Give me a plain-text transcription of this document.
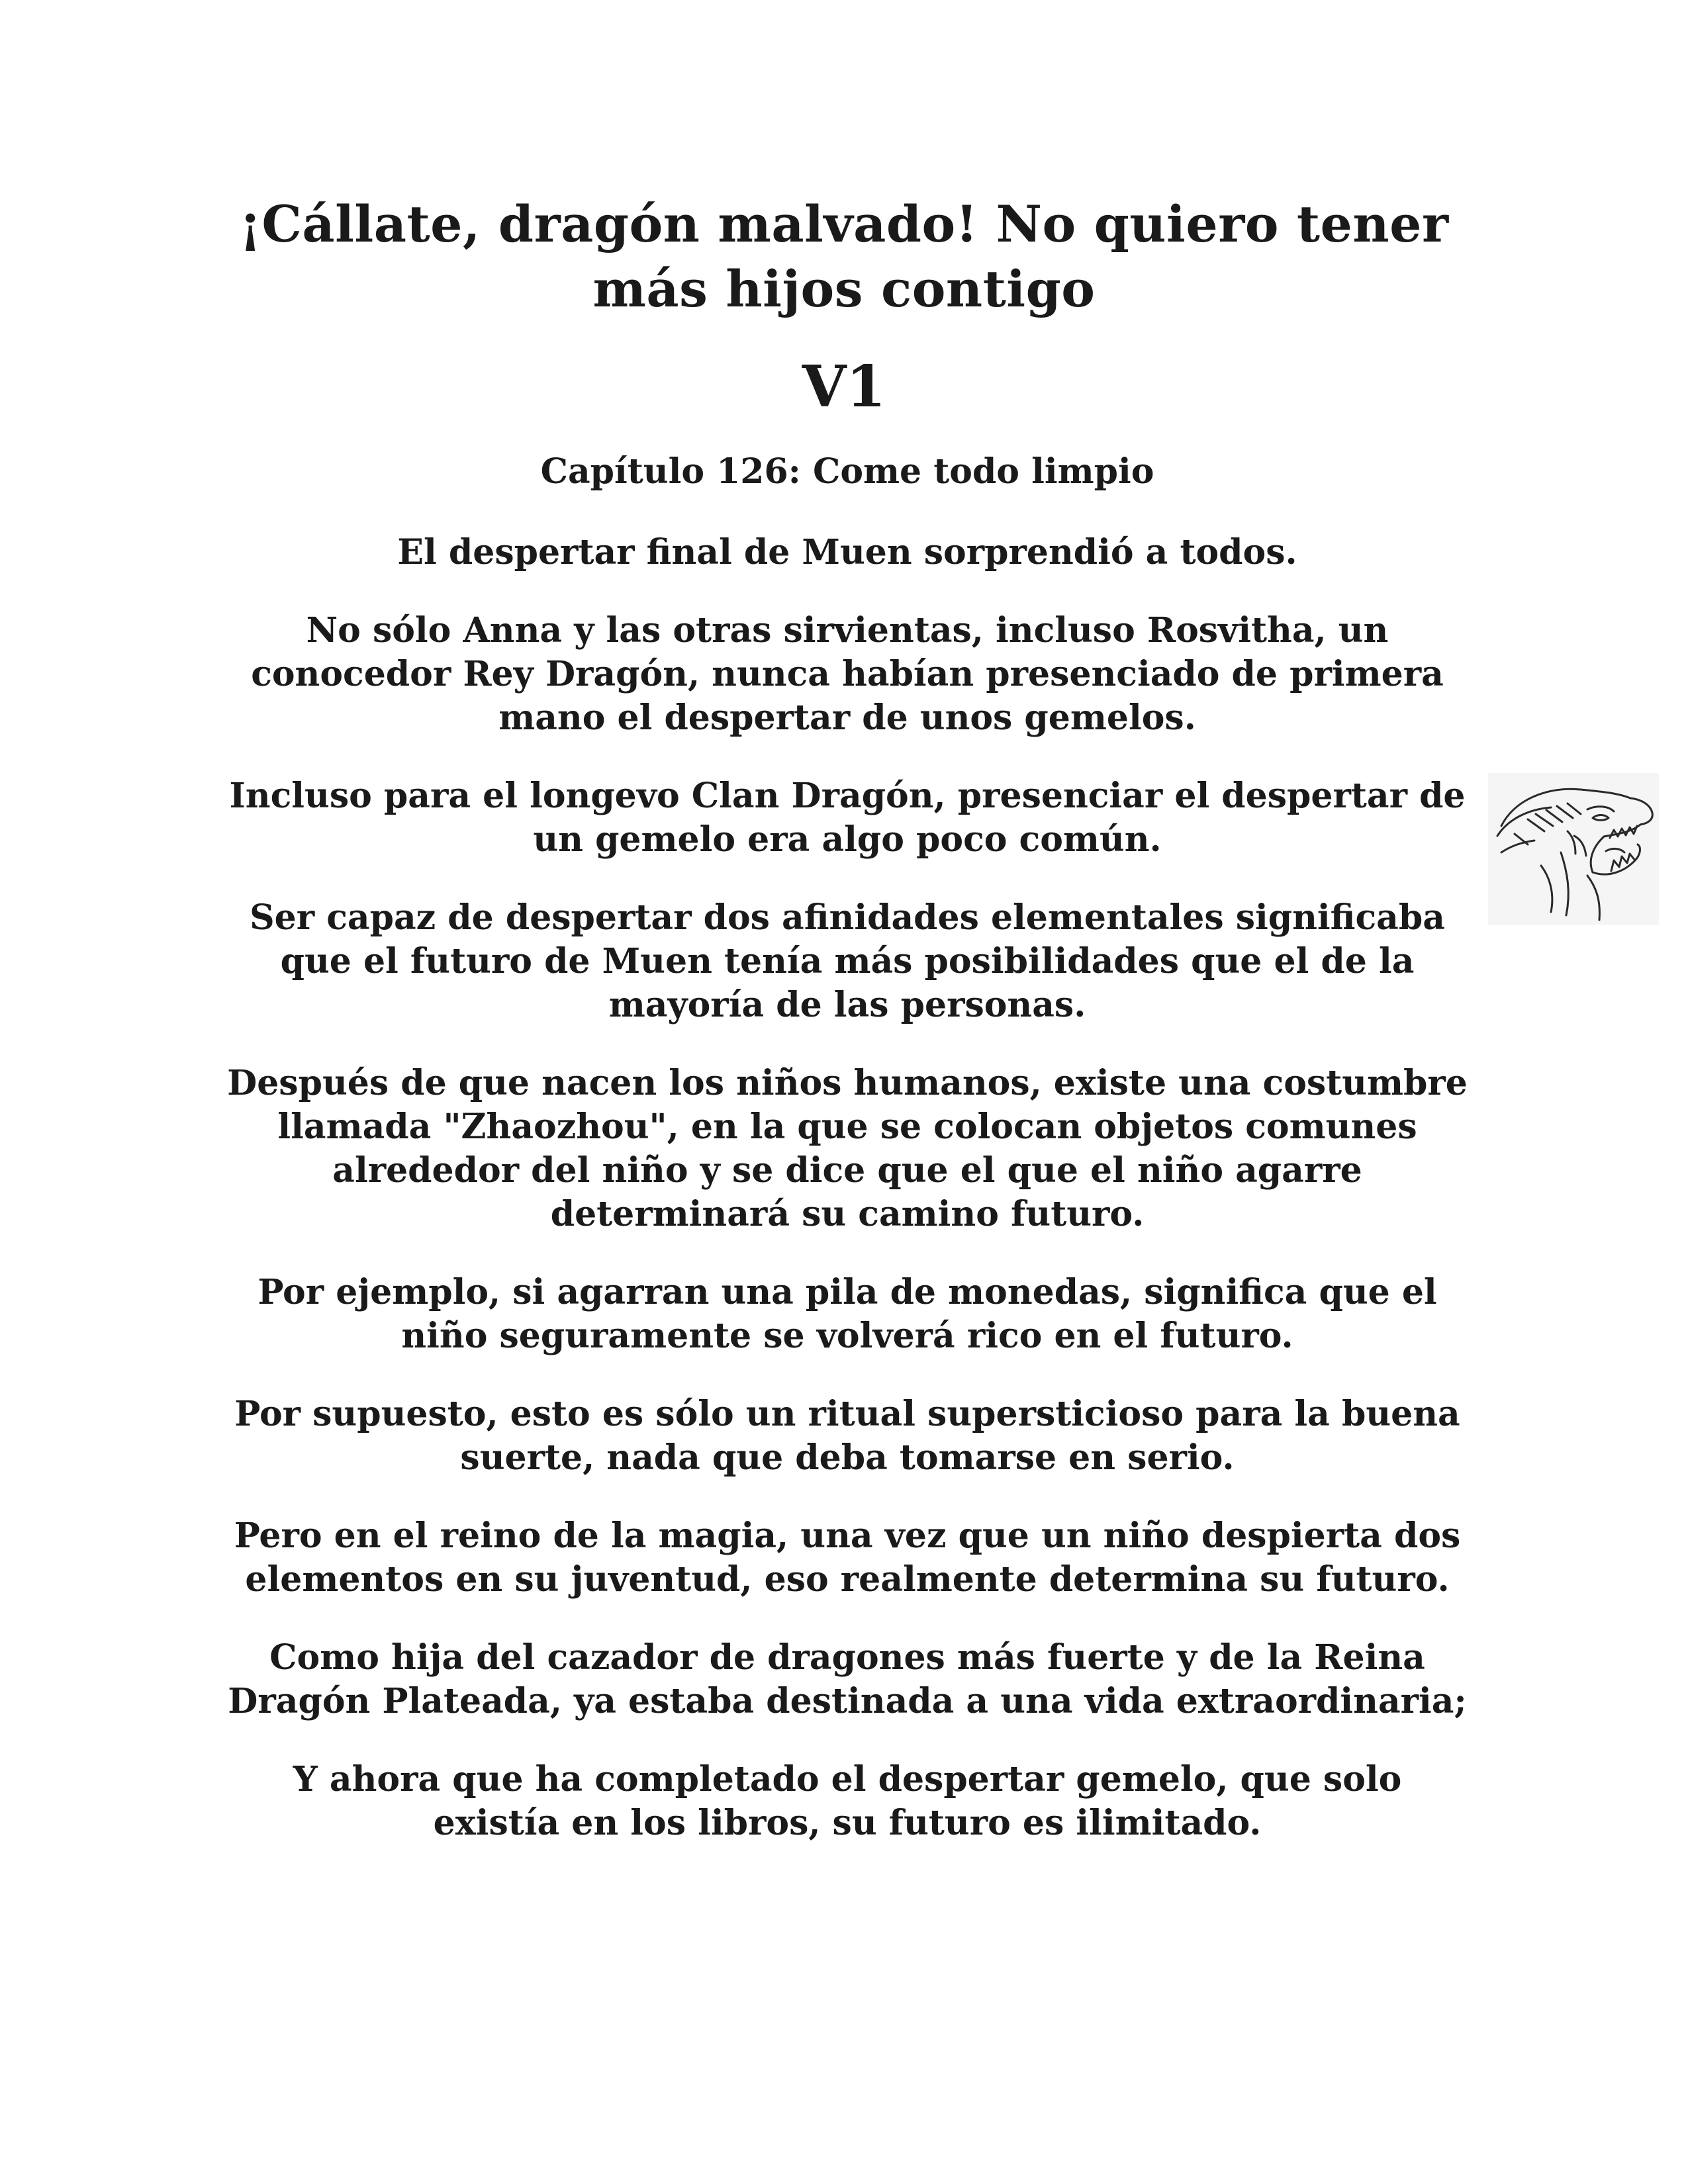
¡Cállate, dragón malvado! No quiero tener
más hijos contigo
V1

Capítulo 126: Come todo limpio

El despertar final de Muen sorprendió a todos.

No sólo Anna y las otras sirvientas, incluso Rosvitha, un conocedor Rey Dragón, nunca habían presenciado de primera mano el despertar de unos gemelos.

Incluso para el longevo Clan Dragón, presenciar el despertar de un gemelo era algo poco común.

Ser capaz de despertar dos afinidades elementales significaba que el futuro de Muen tenía más posibilidades que el de la mayoría de las personas.

Después de que nacen los niños humanos, existe una costumbre llamada "Zhaozhou", en la que se colocan objetos comunes alrededor del niño y se dice que el que el niño agarre determinará su camino futuro.

Por ejemplo, si agarran una pila de monedas, significa que el niño seguramente se volverá rico en el futuro.

Por supuesto, esto es sólo un ritual supersticioso para la buena suerte, nada que deba tomarse en serio.

Pero en el reino de la magia, una vez que un niño despierta dos elementos en su juventud, eso realmente determina su futuro.

Como hija del cazador de dragones más fuerte y de la Reina Dragón Plateada, ya estaba destinada a una vida extraordinaria;

Y ahora que ha completado el despertar gemelo, que solo existía en los libros, su futuro es ilimitado.
